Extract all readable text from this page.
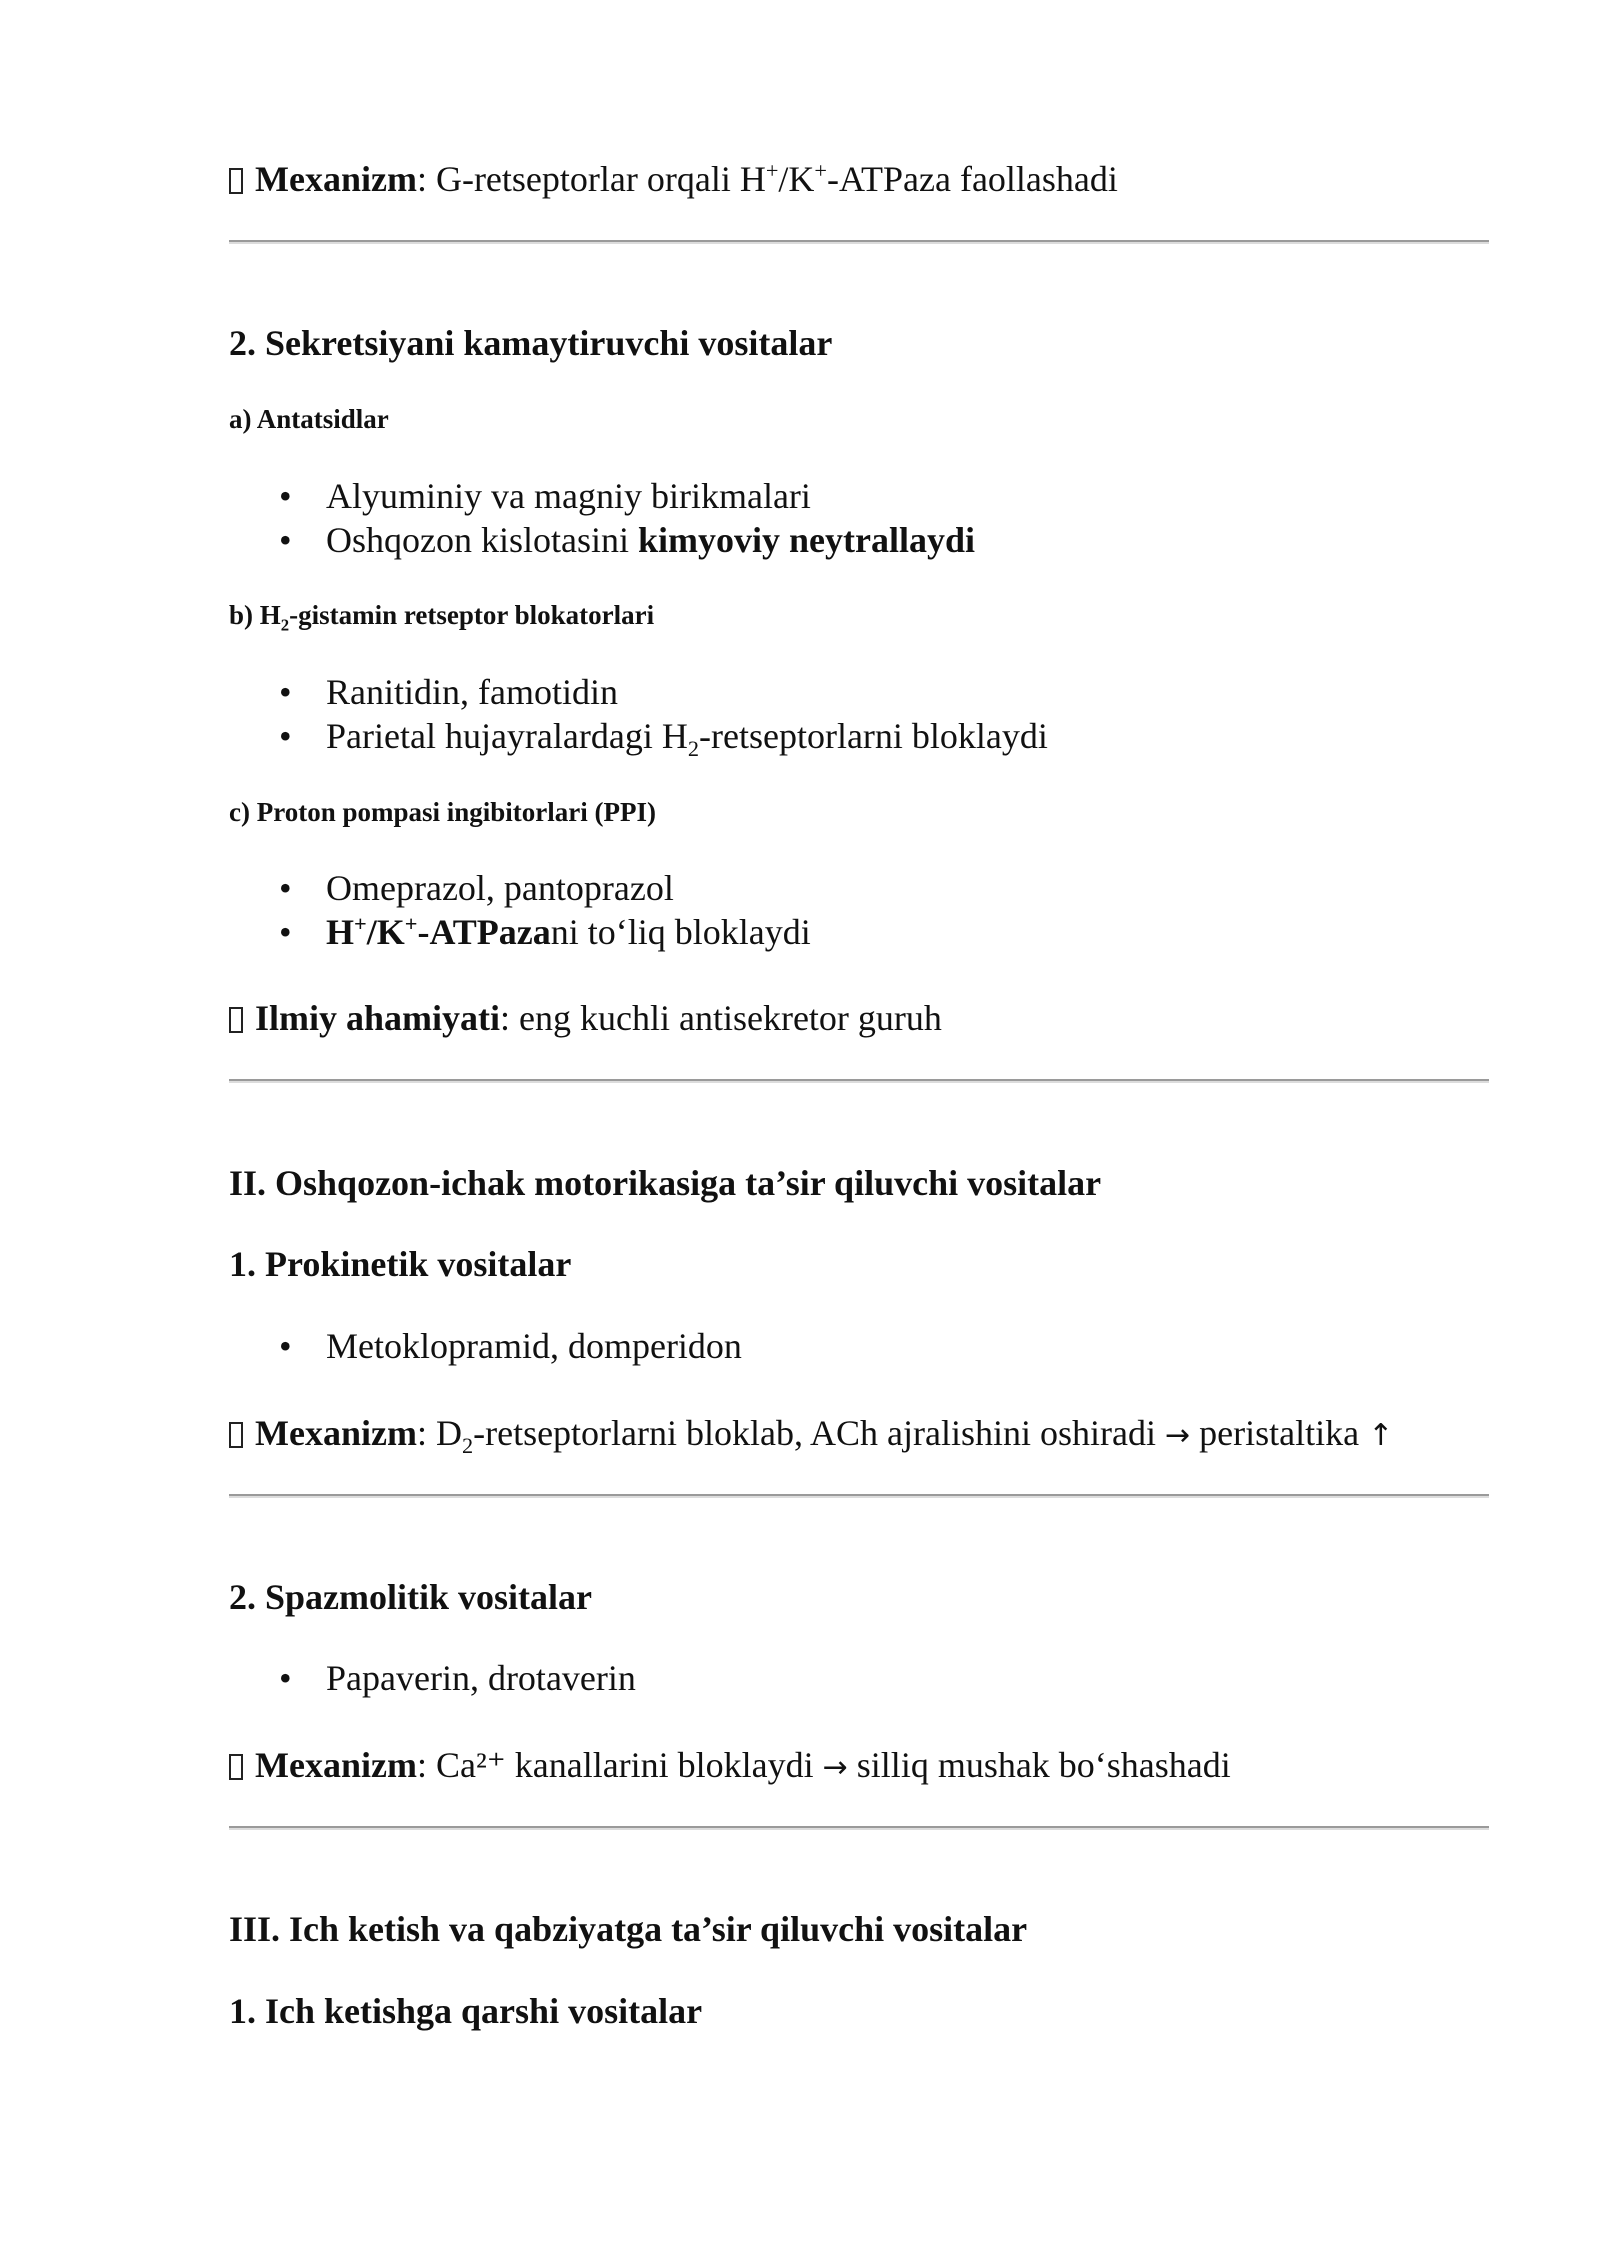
Mexanizm: G-retseptorlar orqali H+/K+-ATPaza faollashadi
2. Sekretsiyani kamaytiruvchi vositalar
a) Antatsidlar
• Alyuminiy va magniy birikmalari
• Oshqozon kislotasini kimyoviy neytrallaydi
b) $H_2$-gistamin retseptor blokatorlari
• Ranitidin, famotidin
• Parietal hujayralardagi $H_2$-retseptorlarni bloklaydi
c) Proton pompasi ingibitorlari (PPI)
• Omeprazol, pantoprazol
• H+/K+-ATPazani to‘liq bloklaydi
Ilmiy ahamiyati: eng kuchli antisekretor guruh
II. Oshqozon-ichak motorikasiga ta’sir qiluvchi vositalar
1. Prokinetik vositalar
• Metoklopramid, domperidon
Mexanizm: $D_2$-retseptorlarni bloklab, ACh ajralishini oshiradi → peristaltika ↑
2. Spazmolitik vositalar
• Papaverin, drotaverin
Mexanizm: Ca²⁺ kanallarini bloklaydi → silliq mushak bo‘shashadi
III. Ich ketish va qabziyatga ta’sir qiluvchi vositalar
1. Ich ketishga qarshi vositalar
